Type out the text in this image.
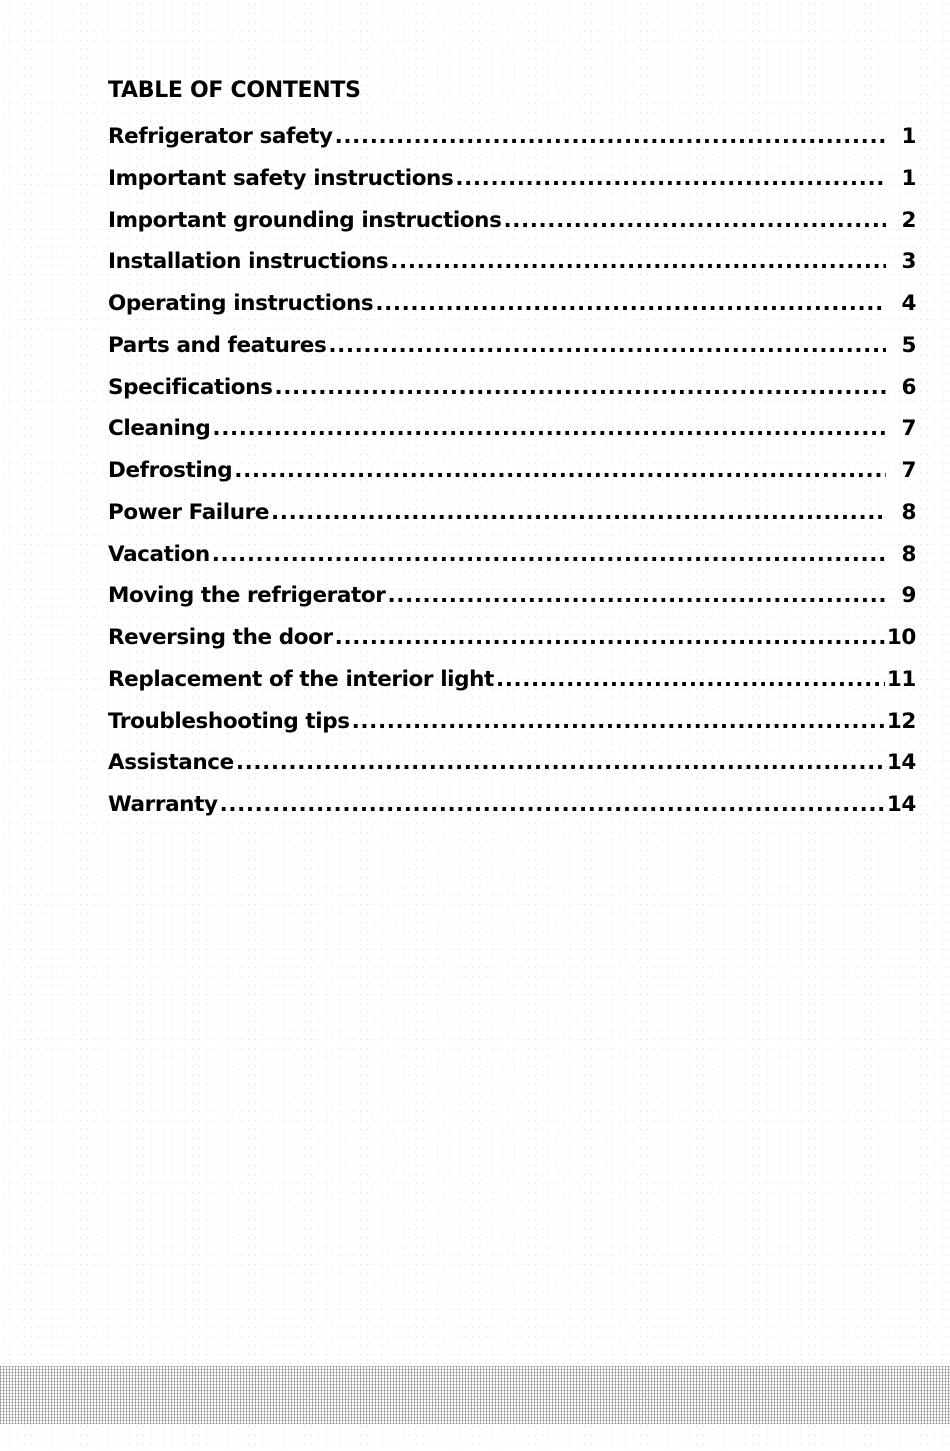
TABLE OF CONTENTS
Refrigerator safety .....	1
Important safety instructions .....	1
Important grounding instructions .....	2
Installation instructions .....	3
Operating instructions .....	4
Parts and features .....	5
Specifications .....	6
Cleaning .....	7
Defrosting .....	7
Power Failure .....	8
Vacation .....	8
Moving the refrigerator .....	9
Reversing the door .....	10
Replacement of the interior light .....	11
Troubleshooting tips .....	12
Assistance .....	14
Warranty .....	14
